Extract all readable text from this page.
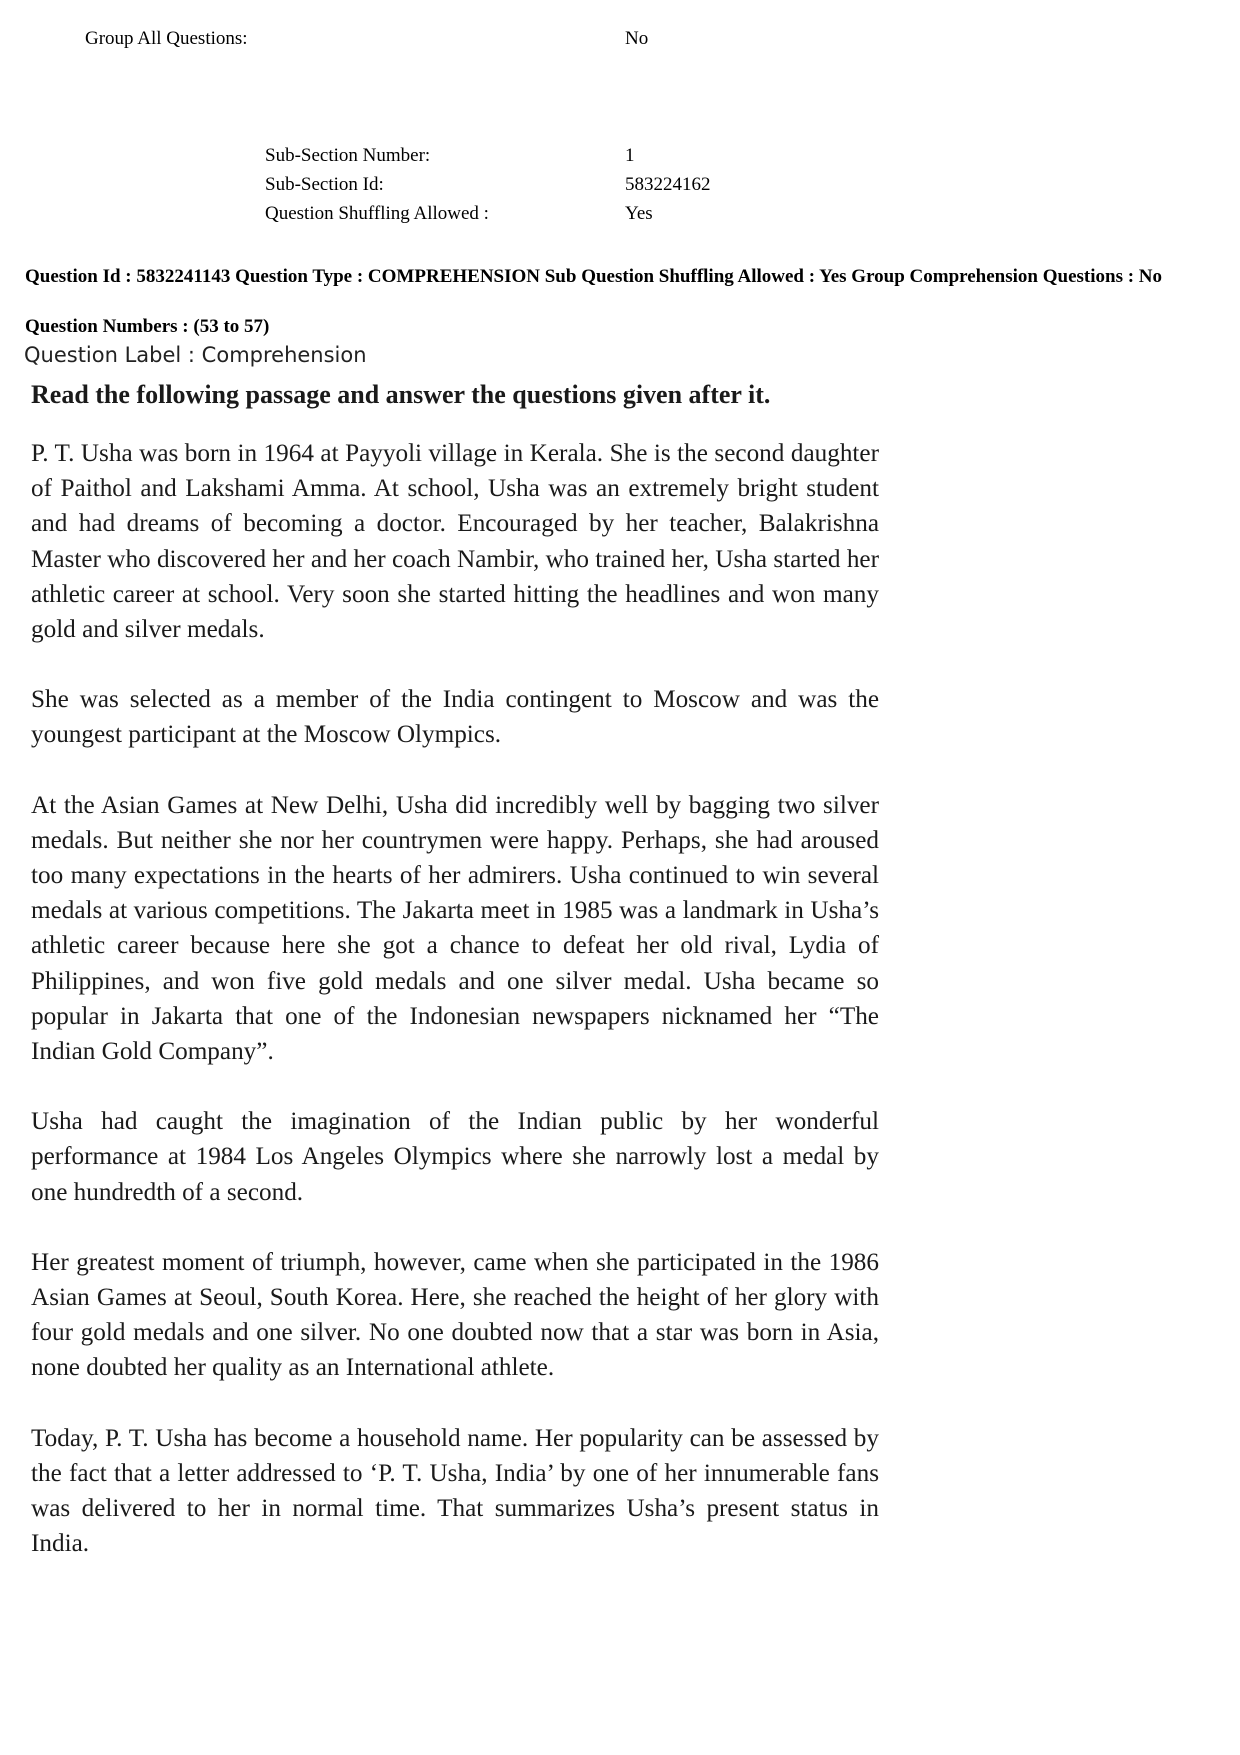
Group All Questions:	No
Sub-Section Number:	1
Sub-Section Id:	583224162
Question Shuffling Allowed :	Yes
Question Id : 5832241143 Question Type : COMPREHENSION Sub Question Shuffling Allowed : Yes Group Comprehension Questions : No
Question Numbers : (53 to 57)
Question Label : Comprehension
Read the following passage and answer the questions given after it.

P. T. Usha was born in 1964 at Payyoli village in Kerala. She is the second daughter of Paithol and Lakshami Amma. At school, Usha was an extremely bright student and had dreams of becoming a doctor. Encouraged by her teacher, Balakrishna Master who discovered her and her coach Nambir, who trained her, Usha started her athletic career at school. Very soon she started hitting the headlines and won many gold and silver medals.

She was selected as a member of the India contingent to Moscow and was the youngest participant at the Moscow Olympics.

At the Asian Games at New Delhi, Usha did incredibly well by bagging two silver medals. But neither she nor her countrymen were happy. Perhaps, she had aroused too many expectations in the hearts of her admirers. Usha continued to win several medals at various competitions. The Jakarta meet in 1985 was a landmark in Usha’s athletic career because here she got a chance to defeat her old rival, Lydia of Philippines, and won five gold medals and one silver medal. Usha became so popular in Jakarta that one of the Indonesian newspapers nicknamed her “The Indian Gold Company”.

Usha had caught the imagination of the Indian public by her wonderful performance at 1984 Los Angeles Olympics where she narrowly lost a medal by one hundredth of a second.

Her greatest moment of triumph, however, came when she participated in the 1986 Asian Games at Seoul, South Korea. Here, she reached the height of her glory with four gold medals and one silver. No one doubted now that a star was born in Asia, none doubted her quality as an International athlete.

Today, P. T. Usha has become a household name. Her popularity can be assessed by the fact that a letter addressed to ‘P. T. Usha, India’ by one of her innumerable fans was delivered to her in normal time. That summarizes Usha’s present status in India.
